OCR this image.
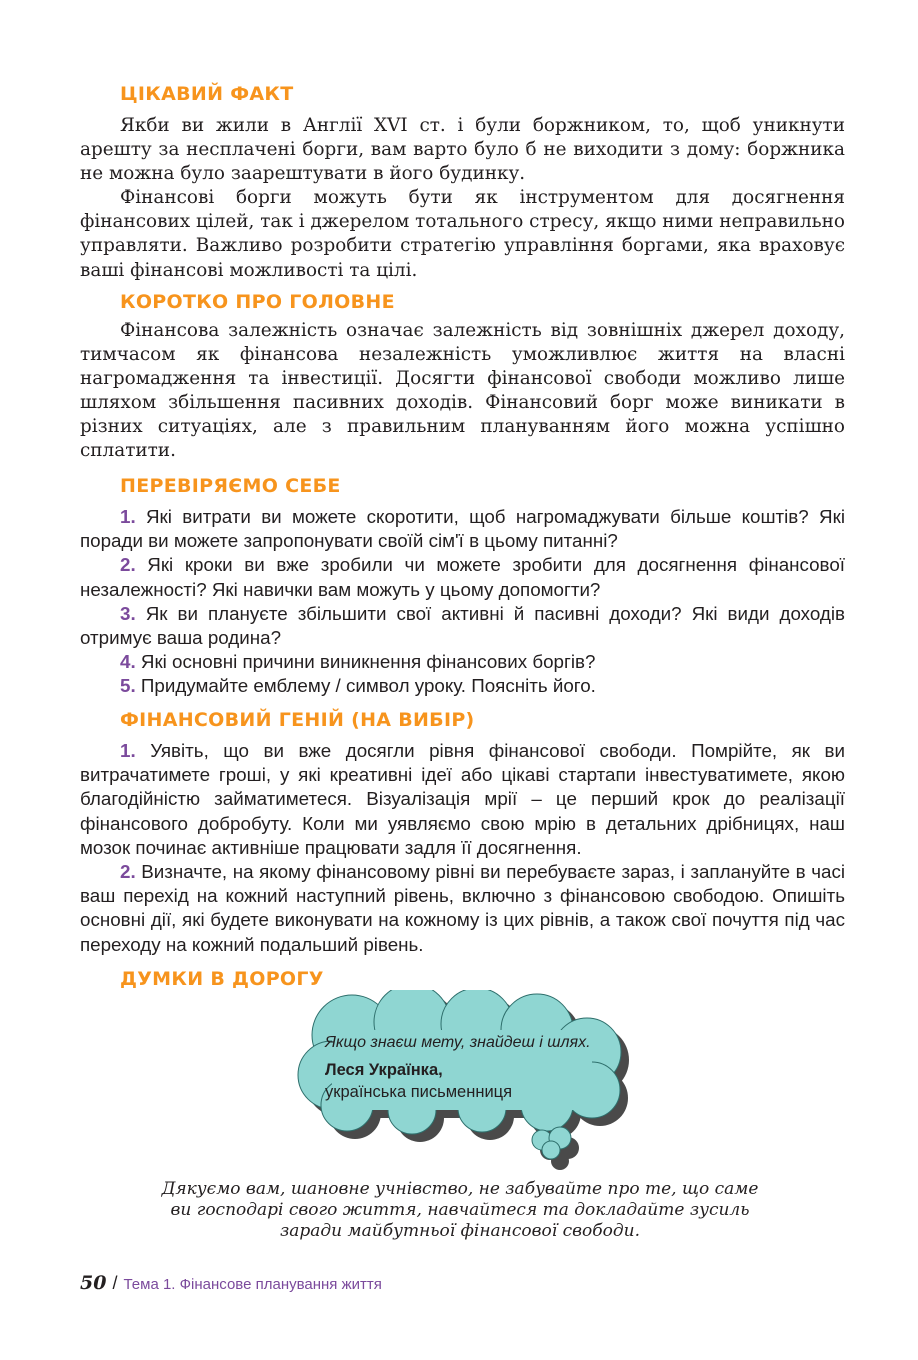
ЦІКАВИЙ ФАКТ

Якби ви жили в Англії XVI ст. і були боржником, то, щоб уникнути арешту за несплачені борги, вам варто було б не виходити з дому: боржника не можна було заарештувати в його будинку.

Фінансові борги можуть бути як інструментом для досягнення фінансових цілей, так і джерелом тотального стресу, якщо ними неправильно управляти. Важливо розробити стратегію управління боргами, яка враховує ваші фінансові можливості та цілі.

КОРОТКО ПРО ГОЛОВНЕ

Фінансова залежність означає залежність від зовнішніх джерел доходу, тимчасом як фінансова незалежність уможливлює життя на власні нагромадження та інвестиції. Досягти фінансової свободи можливо лише шляхом збільшення пасивних доходів. Фінансовий борг може виникати в різних ситуаціях, але з правильним плануванням його можна успішно сплатити.

ПЕРЕВІРЯЄМО СЕБЕ

1. Які витрати ви можете скоротити, щоб нагромаджувати більше коштів? Які поради ви можете запропонувати своїй сім'ї в цьому питанні?

2. Які кроки ви вже зробили чи можете зробити для досягнення фінансової незалежності? Які навички вам можуть у цьому допомогти?

3. Як ви плануєте збільшити свої активні й пасивні доходи? Які види доходів отримує ваша родина?

4. Які основні причини виникнення фінансових боргів?

5. Придумайте емблему / символ уроку. Поясніть його.

ФІНАНСОВИЙ ГЕНІЙ (НА ВИБІР)

1. Уявіть, що ви вже досягли рівня фінансової свободи. Помрійте, як ви витрачатимете гроші, у які креативні ідеї або цікаві стартапи інвестуватимете, якою благодійністю займатиметеся. Візуалізація мрії – це перший крок до реалізації фінансового добробуту. Коли ми уявляємо свою мрію в детальних дрібницях, наш мозок починає активніше працювати задля її досягнення.

2. Визначте, на якому фінансовому рівні ви перебуваєте зараз, і заплануйте в часі ваш перехід на кожний наступний рівень, включно з фінансовою свободою. Опишіть основні дії, які будете виконувати на кожному із цих рівнів, а також свої почуття під час переходу на кожний подальший рівень.

ДУМКИ В ДОРОГУ

Якщо знаєш мету, знайдеш і шлях.

Леся Українка,

українська письменниця

Дякуємо вам, шановне учнівство, не забувайте про те, що саме
ви господарі свого життя, навчайтеся та докладайте зусиль
заради майбутньої фінансової свободи.

50 / Тема 1. Фінансове планування життя
